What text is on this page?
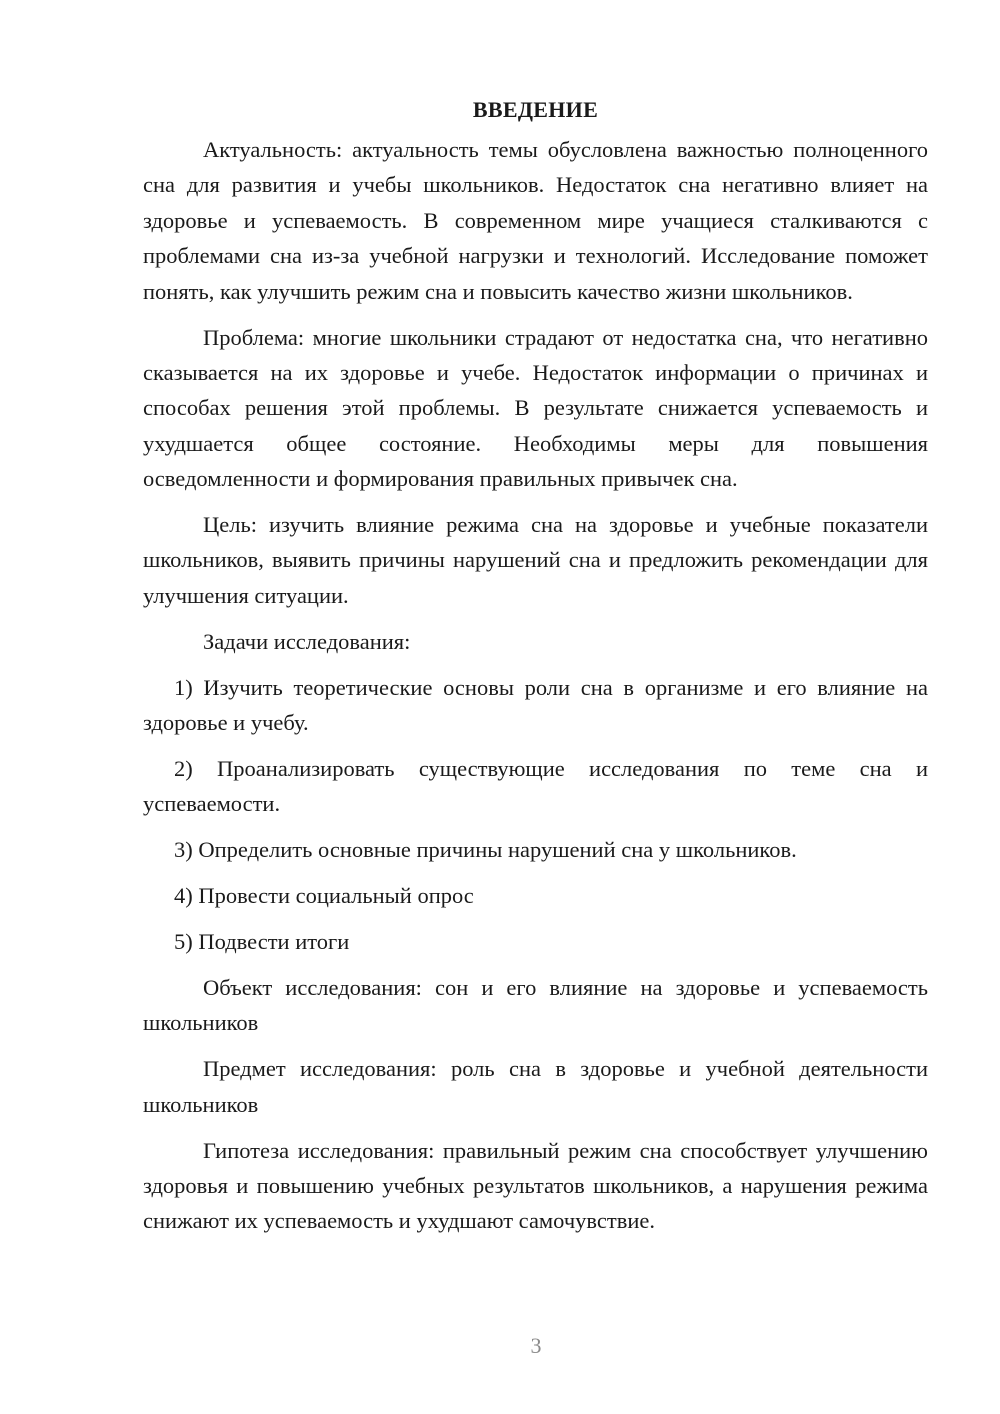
ВВЕДЕНИЕ

Актуальность: актуальность темы обусловлена важностью полноценного сна для развития и учебы школьников. Недостаток сна негативно влияет на здоровье и успеваемость. В современном мире учащиеся сталкиваются с проблемами сна из-за учебной нагрузки и технологий. Исследование поможет понять, как улучшить режим сна и повысить качество жизни школьников.

Проблема: многие школьники страдают от недостатка сна, что негативно сказывается на их здоровье и учебе. Недостаток информации о причинах и способах решения этой проблемы. В результате снижается успеваемость и ухудшается общее состояние. Необходимы меры для повышения осведомленности и формирования правильных привычек сна.

Цель: изучить влияние режима сна на здоровье и учебные показатели школьников, выявить причины нарушений сна и предложить рекомендации для улучшения ситуации.

Задачи исследования:

1) Изучить теоретические основы роли сна в организме и его влияние на здоровье и учебу.

2) Проанализировать существующие исследования по теме сна и успеваемости.

3) Определить основные причины нарушений сна у школьников.

4) Провести социальный опрос

5) Подвести итоги

Объект исследования: сон и его влияние на здоровье и успеваемость школьников

Предмет исследования: роль сна в здоровье и учебной деятельности школьников

Гипотеза исследования: правильный режим сна способствует улучшению здоровья и повышению учебных результатов школьников, а нарушения режима снижают их успеваемость и ухудшают самочувствие.

3
